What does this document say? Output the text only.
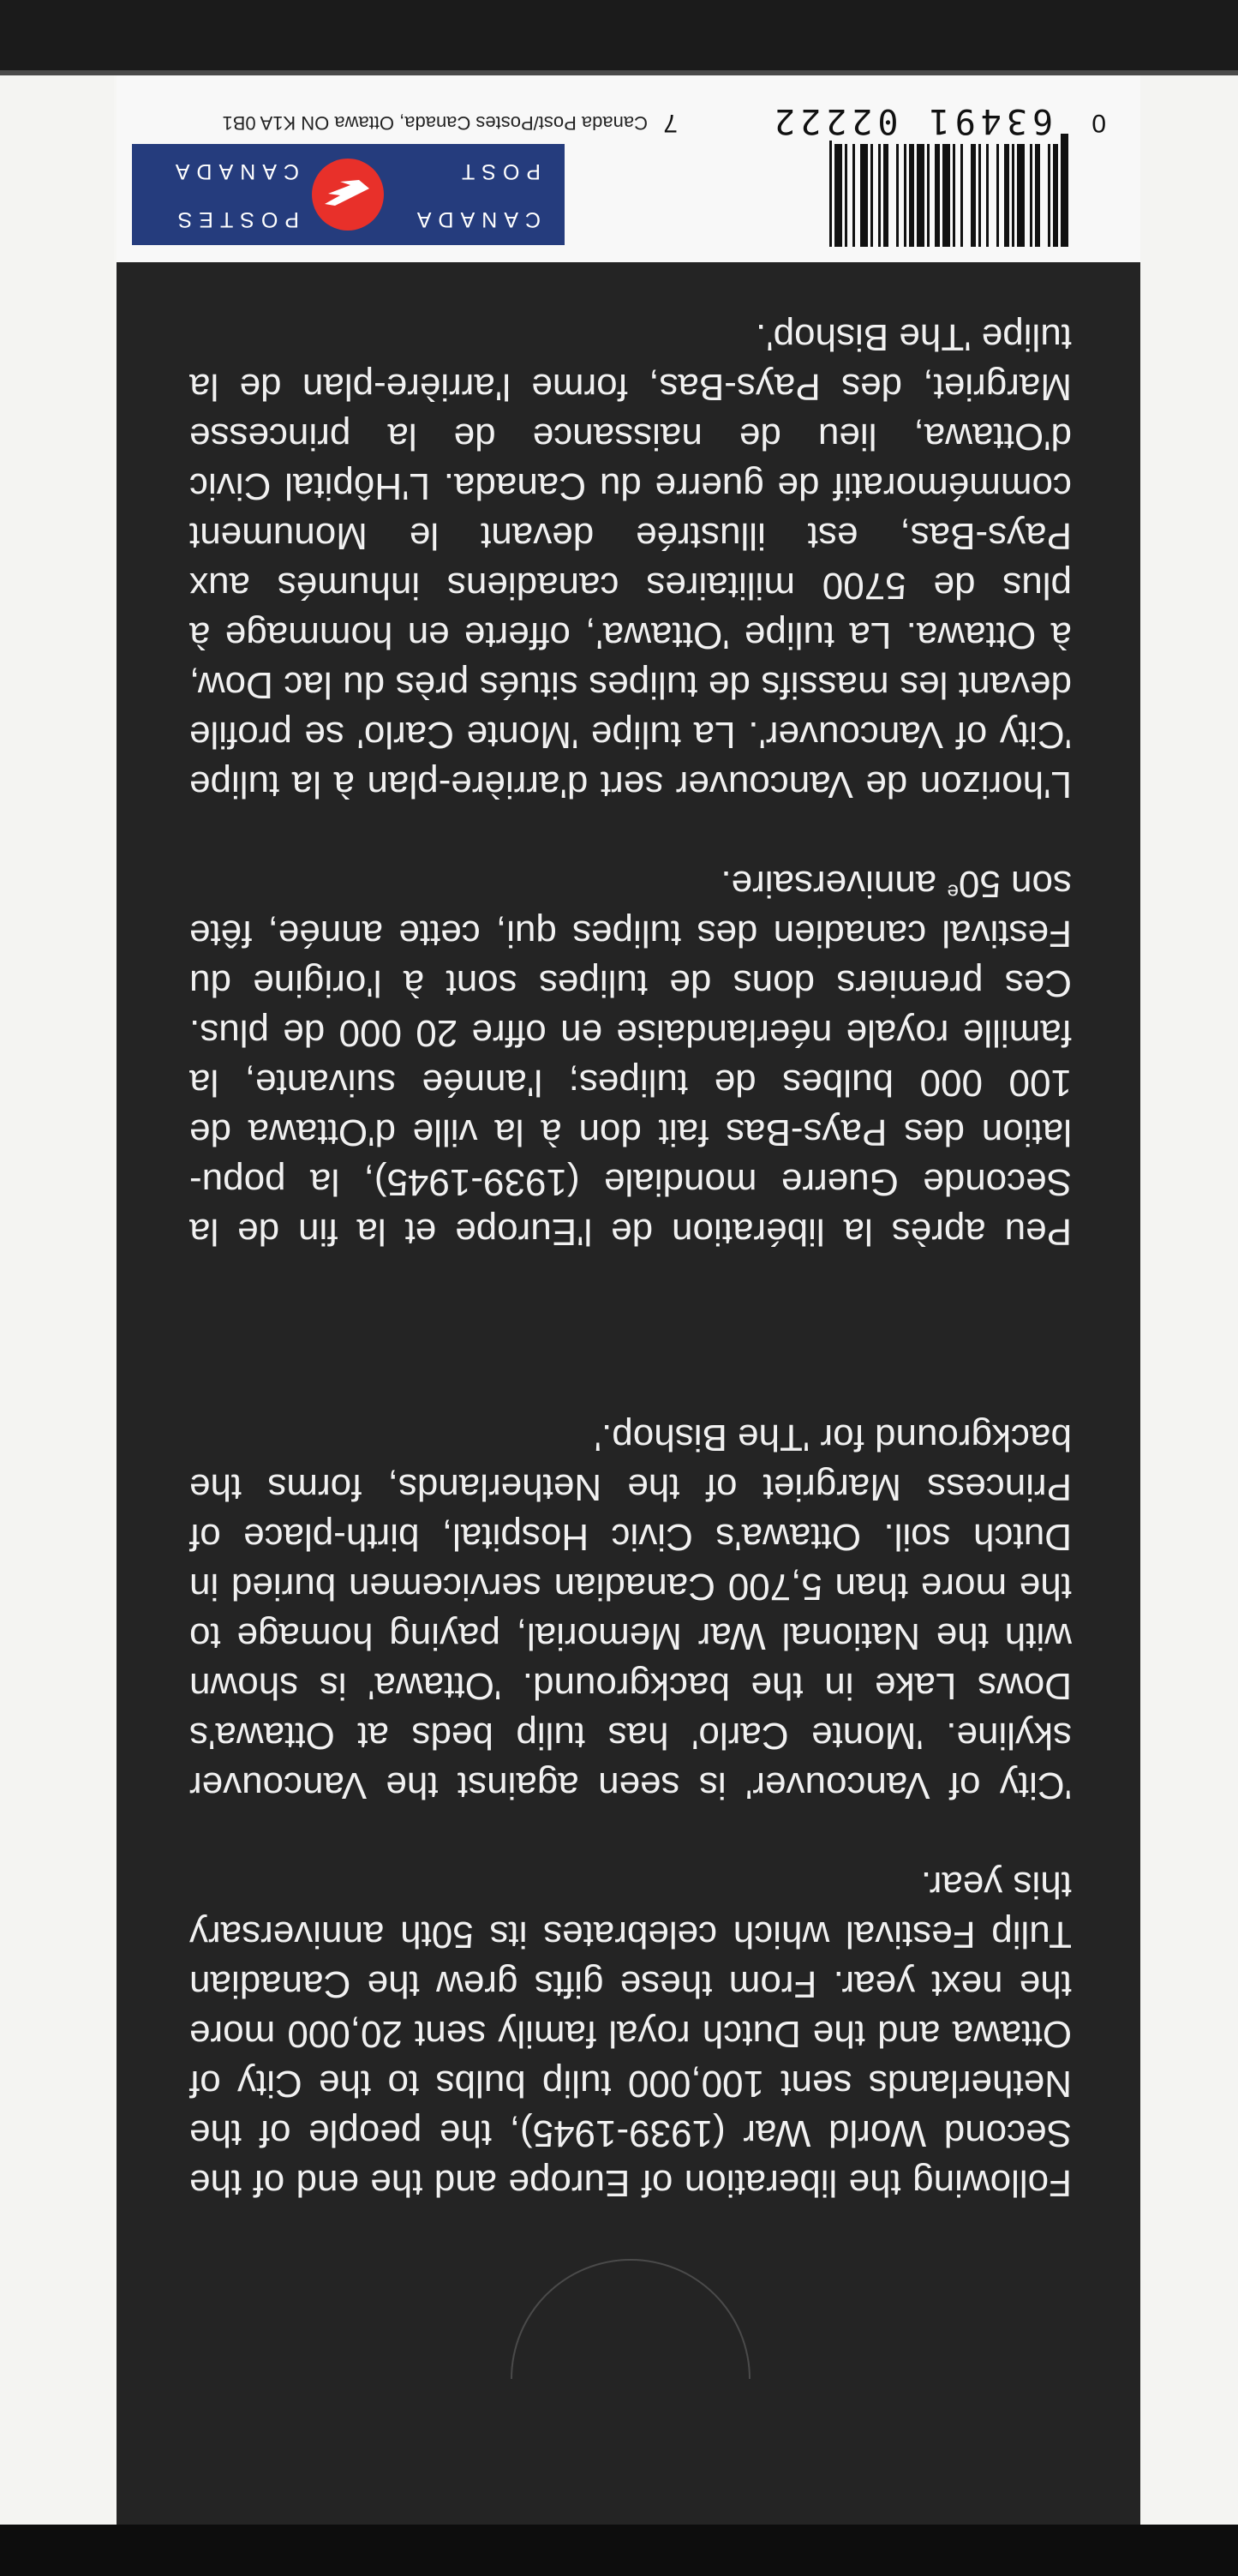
Following the liberation of Europe and the end of the Second World War (1939-1945), the people of the Netherlands sent 100,000 tulip bulbs to the City of Ottawa and the Dutch royal family sent 20,000 more the next year. From these gifts grew the Canadian Tulip Festival which celebrates its 50th anniversary this year.

'City of Vancouver' is seen against the Vancouver skyline. 'Monte Carlo' has tulip beds at Ottawa's Dows Lake in the background. 'Ottawa' is shown with the National War Memorial, paying homage to the more than 5,700 Canadian servicemen buried in Dutch soil. Ottawa's Civic Hospital, birth-place of Princess Margriet of the Netherlands, forms the background for 'The Bishop.'

Peu après la libération de l'Europe et la fin de la Seconde Guerre mondiale (1939-1945), la popu-lation des Pays-Bas fait don à la ville d'Ottawa de 100 000 bulbes de tulipes; l'année suivante, la famille royale néerlandaise en offre 20 000 de plus. Ces premiers dons de tulipes sont à l'origine du Festival canadien des tulipes qui, cette année, fête son 50e anniversaire.

L'horizon de Vancouver sert d'arrière-plan à la tulipe 'City of Vancouver'. La tulipe 'Monte Carlo' se profile devant les massifs de tulipes situés près du lac Dow, à Ottawa. La tulipe 'Ottawa', offerte en hommage à plus de 5700 militaires canadiens inhumés aux Pays-Bas, est illustrée devant le Monument commémoratif de guerre du Canada. L'Hôpital Civic d'Ottawa, lieu de naissance de la princesse Margriet, des Pays-Bas, forme l'arrière-plan de la tulipe 'The Bishop'.

0
63491 02222
7
Canada Post/Postes Canada, Ottawa ON K1A 0B1
CANADA
POSTES
POST
CANADA
